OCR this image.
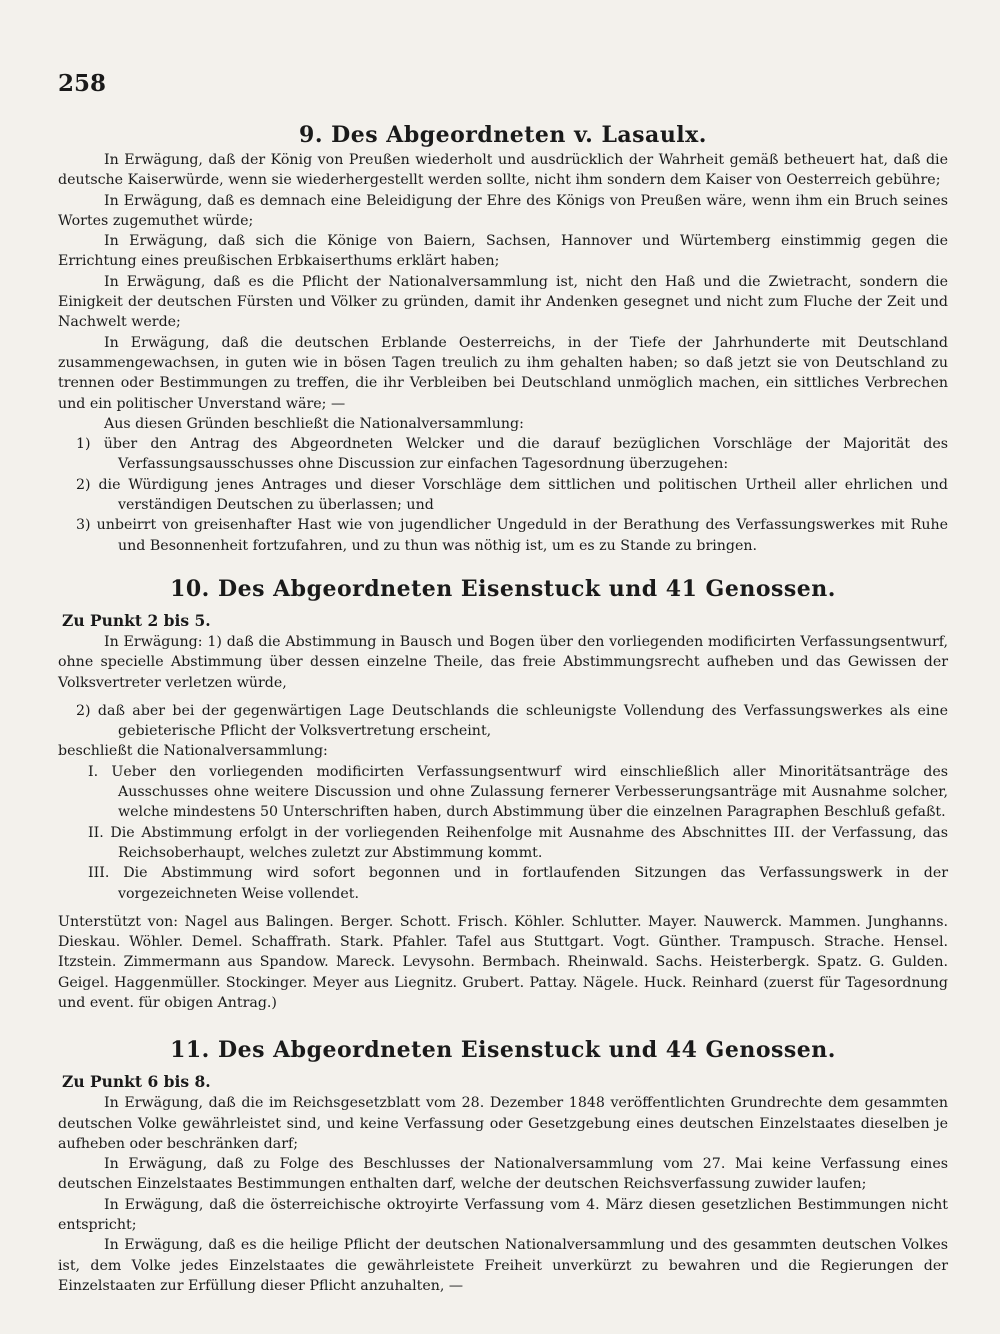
258
9. Des Abgeordneten v. Lasaulx.

In Erwägung, daß der König von Preußen wiederholt und ausdrücklich der Wahrheit gemäß betheuert hat, daß die deutsche Kaiserwürde, wenn sie wiederhergestellt werden sollte, nicht ihm sondern dem Kaiser von Oesterreich gebühre;

In Erwägung, daß es demnach eine Beleidigung der Ehre des Königs von Preußen wäre, wenn ihm ein Bruch seines Wortes zugemuthet würde;

In Erwägung, daß sich die Könige von Baiern, Sachsen, Hannover und Würtemberg einstimmig gegen die Errichtung eines preußischen Erbkaiserthums erklärt haben;

In Erwägung, daß es die Pflicht der Nationalversammlung ist, nicht den Haß und die Zwietracht, sondern die Einigkeit der deutschen Fürsten und Völker zu gründen, damit ihr Andenken gesegnet und nicht zum Fluche der Zeit und Nachwelt werde;

In Erwägung, daß die deutschen Erblande Oesterreichs, in der Tiefe der Jahrhunderte mit Deutschland zusammengewachsen, in guten wie in bösen Tagen treulich zu ihm gehalten haben; so daß jetzt sie von Deutschland zu trennen oder Bestimmungen zu treffen, die ihr Verbleiben bei Deutschland unmöglich machen, ein sittliches Verbrechen und ein politischer Unverstand wäre; —

Aus diesen Gründen beschließt die Nationalversammlung:

1) über den Antrag des Abgeordneten Welcker und die darauf bezüglichen Vorschläge der Majorität des Verfassungsausschusses ohne Discussion zur einfachen Tagesordnung überzugehen:

2) die Würdigung jenes Antrages und dieser Vorschläge dem sittlichen und politischen Urtheil aller ehrlichen und verständigen Deutschen zu überlassen; und

3) unbeirrt von greisenhafter Hast wie von jugendlicher Ungeduld in der Berathung des Verfassungswerkes mit Ruhe und Besonnenheit fortzufahren, und zu thun was nöthig ist, um es zu Stande zu bringen.

10. Des Abgeordneten Eisenstuck und 41 Genossen.
Zu Punkt 2 bis 5.

In Erwägung: 1) daß die Abstimmung in Bausch und Bogen über den vorliegenden modificirten Verfassungsentwurf, ohne specielle Abstimmung über dessen einzelne Theile, das freie Abstimmungsrecht aufheben und das Gewissen der Volksvertreter verletzen würde,

2) daß aber bei der gegenwärtigen Lage Deutschlands die schleunigste Vollendung des Verfassungswerkes als eine gebieterische Pflicht der Volksvertretung erscheint,

beschließt die Nationalversammlung:

I. Ueber den vorliegenden modificirten Verfassungsentwurf wird einschließlich aller Minoritätsanträge des Ausschusses ohne weitere Discussion und ohne Zulassung fernerer Verbesserungsanträge mit Ausnahme solcher, welche mindestens 50 Unterschriften haben, durch Abstimmung über die einzelnen Paragraphen Beschluß gefaßt.

II. Die Abstimmung erfolgt in der vorliegenden Reihenfolge mit Ausnahme des Abschnittes III. der Verfassung, das Reichsoberhaupt, welches zuletzt zur Abstimmung kommt.

III. Die Abstimmung wird sofort begonnen und in fortlaufenden Sitzungen das Verfassungswerk in der vorgezeichneten Weise vollendet.

Unterstützt von: Nagel aus Balingen. Berger. Schott. Frisch. Köhler. Schlutter. Mayer. Nauwerck. Mammen. Junghanns. Dieskau. Wöhler. Demel. Schaffrath. Stark. Pfahler. Tafel aus Stuttgart. Vogt. Günther. Trampusch. Strache. Hensel. Itzstein. Zimmermann aus Spandow. Mareck. Levysohn. Bermbach. Rheinwald. Sachs. Heisterbergk. Spatz. G. Gulden. Geigel. Haggenmüller. Stockinger. Meyer aus Liegnitz. Grubert. Pattay. Nägele. Huck. Reinhard (zuerst für Tagesordnung und event. für obigen Antrag.)

11. Des Abgeordneten Eisenstuck und 44 Genossen.
Zu Punkt 6 bis 8.

In Erwägung, daß die im Reichsgesetzblatt vom 28. Dezember 1848 veröffentlichten Grundrechte dem gesammten deutschen Volke gewährleistet sind, und keine Verfassung oder Gesetzgebung eines deutschen Einzelstaates dieselben je aufheben oder beschränken darf;

In Erwägung, daß zu Folge des Beschlusses der Nationalversammlung vom 27. Mai keine Verfassung eines deutschen Einzelstaates Bestimmungen enthalten darf, welche der deutschen Reichsverfassung zuwider laufen;

In Erwägung, daß die österreichische oktroyirte Verfassung vom 4. März diesen gesetzlichen Bestimmungen nicht entspricht;

In Erwägung, daß es die heilige Pflicht der deutschen Nationalversammlung und des gesammten deutschen Volkes ist, dem Volke jedes Einzelstaates die gewährleistete Freiheit unverkürzt zu bewahren und die Regierungen der Einzelstaaten zur Erfüllung dieser Pflicht anzuhalten, —
